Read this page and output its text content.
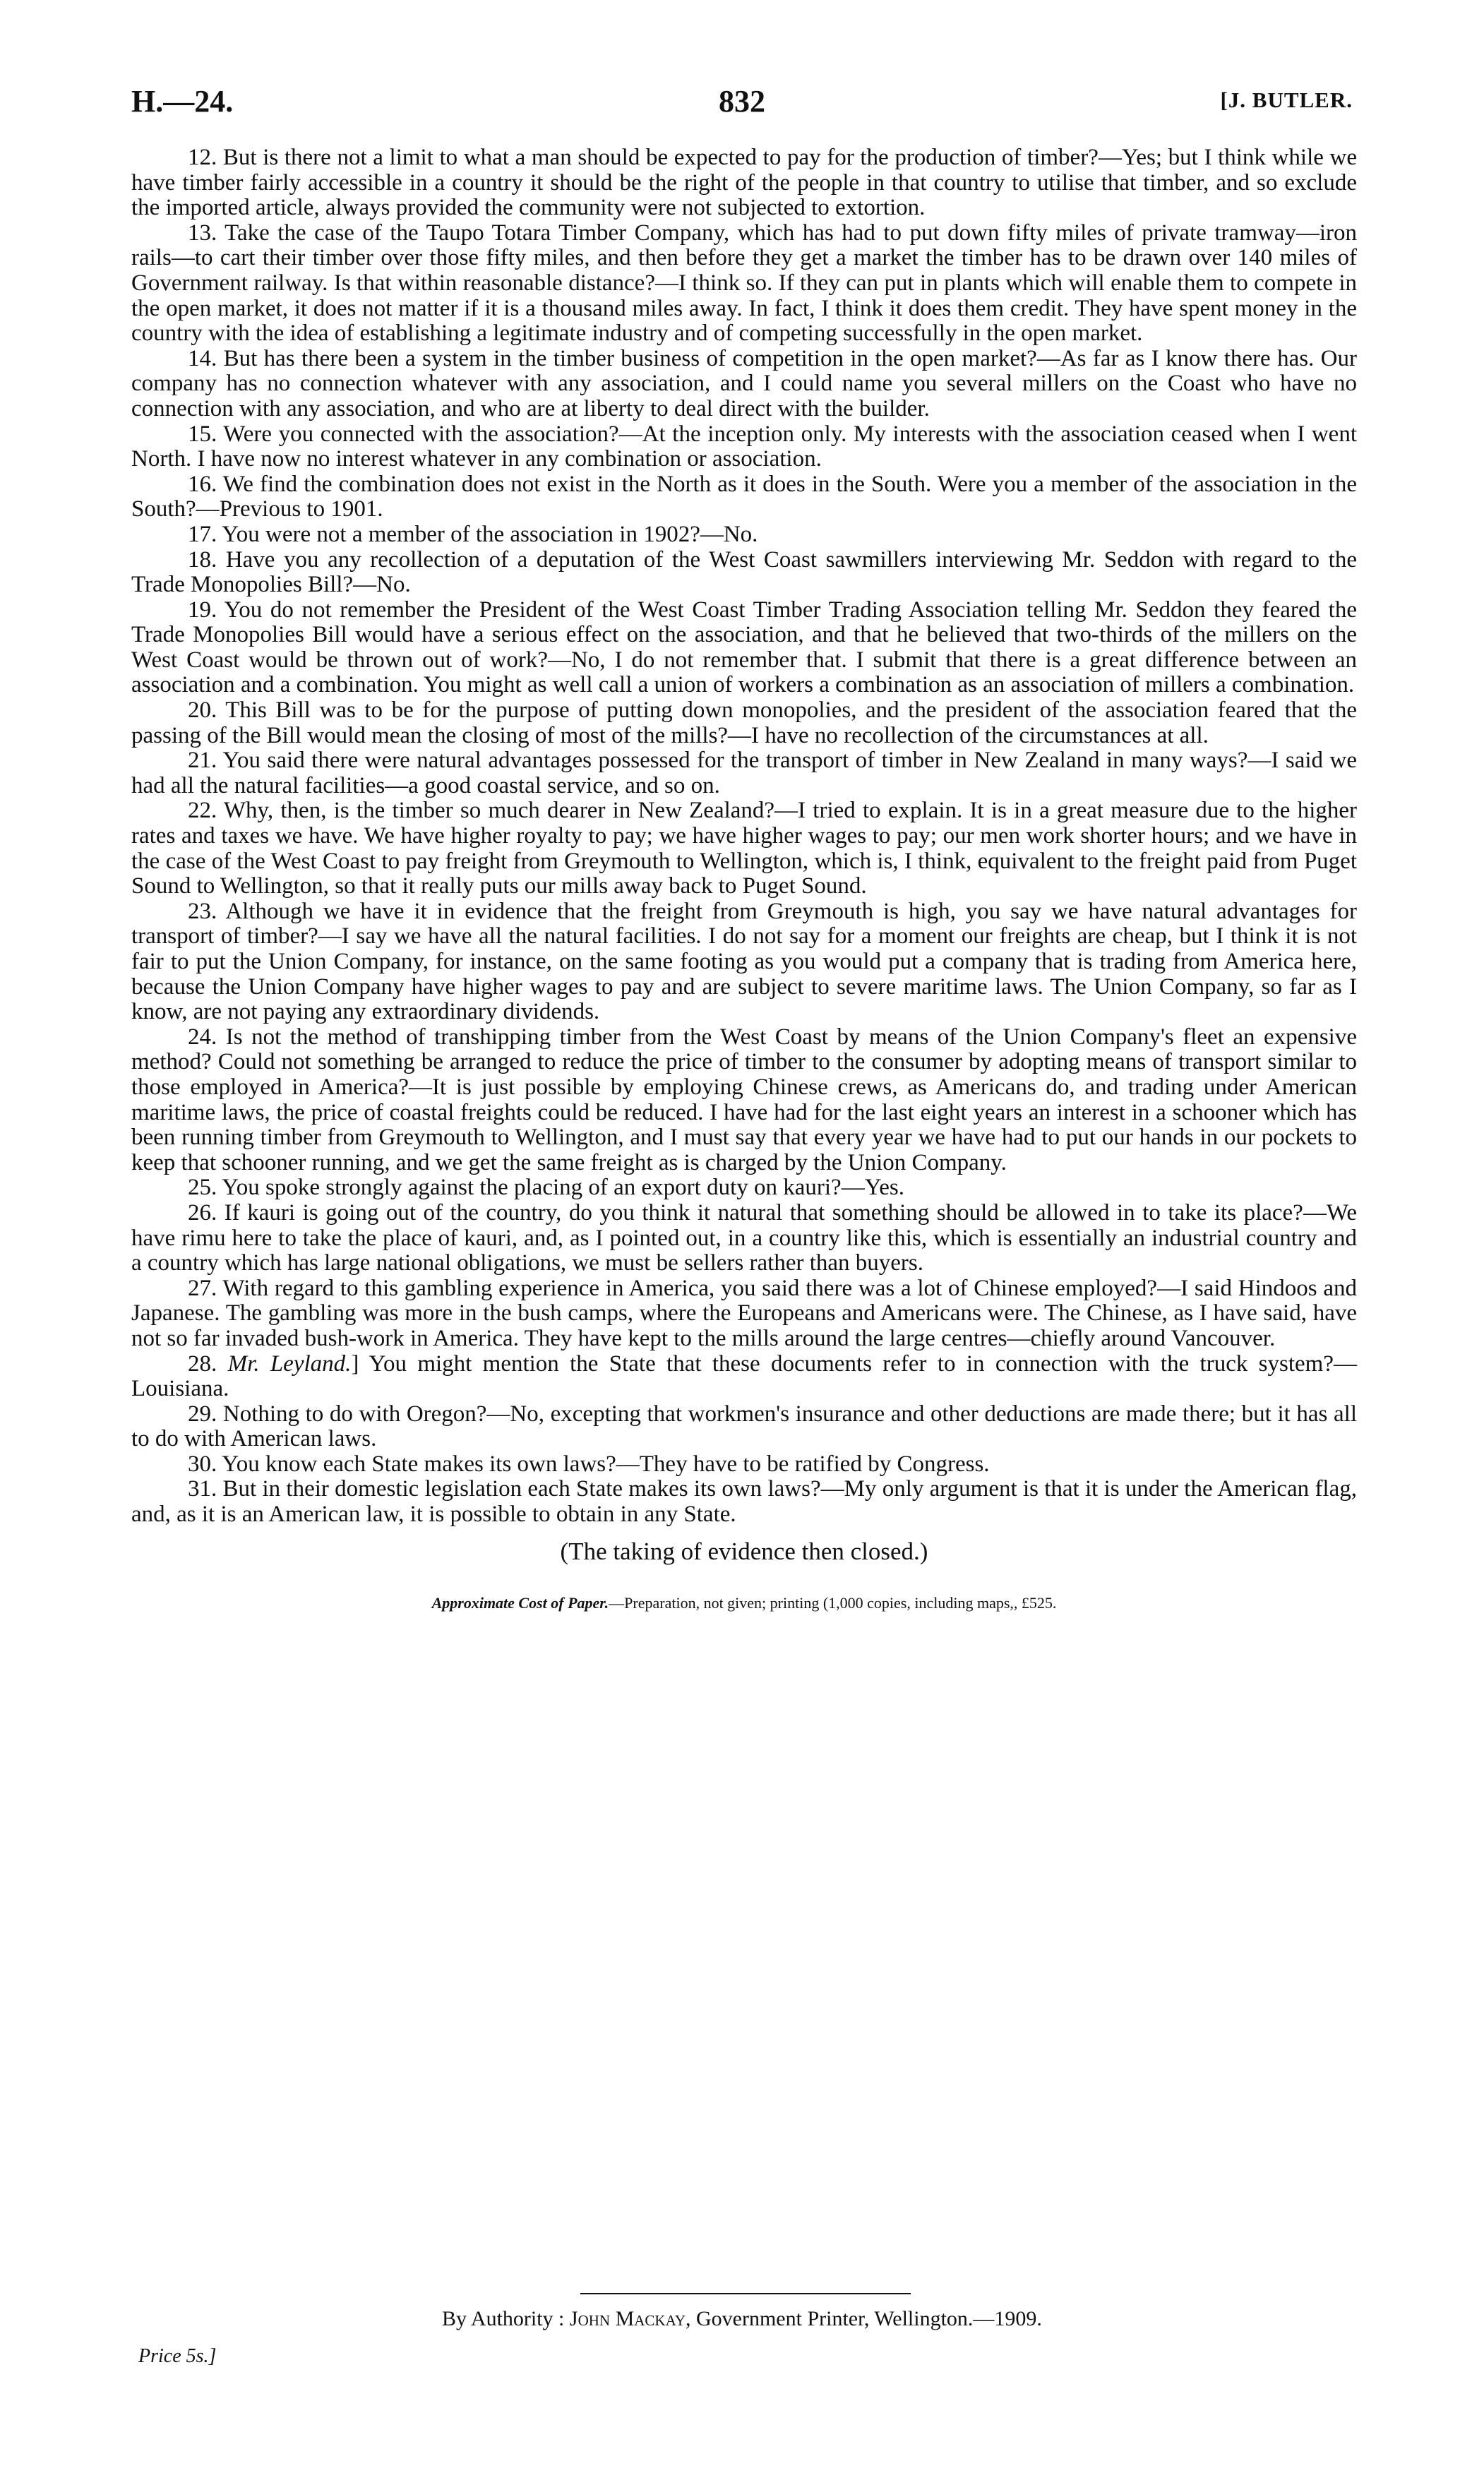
H.—24.	832	[J. BUTLER.

12. But is there not a limit to what a man should be expected to pay for the production of timber?—Yes; but I think while we have timber fairly accessible in a country it should be the right of the people in that country to utilise that timber, and so exclude the imported article, always provided the community were not subjected to extortion.

13. Take the case of the Taupo Totara Timber Company, which has had to put down fifty miles of private tramway—iron rails—to cart their timber over those fifty miles, and then before they get a market the timber has to be drawn over 140 miles of Government railway. Is that within reasonable distance?—I think so. If they can put in plants which will enable them to compete in the open market, it does not matter if it is a thousand miles away. In fact, I think it does them credit. They have spent money in the country with the idea of establishing a legitimate industry and of competing successfully in the open market.

14. But has there been a system in the timber business of competition in the open market?—As far as I know there has. Our company has no connection whatever with any association, and I could name you several millers on the Coast who have no connection with any association, and who are at liberty to deal direct with the builder.

15. Were you connected with the association?—At the inception only. My interests with the association ceased when I went North. I have now no interest whatever in any combination or association.

16. We find the combination does not exist in the North as it does in the South. Were you a member of the association in the South?—Previous to 1901.

17. You were not a member of the association in 1902?—No.

18. Have you any recollection of a deputation of the West Coast sawmillers interviewing Mr. Seddon with regard to the Trade Monopolies Bill?—No.

19. You do not remember the President of the West Coast Timber Trading Association telling Mr. Seddon they feared the Trade Monopolies Bill would have a serious effect on the association, and that he believed that two-thirds of the millers on the West Coast would be thrown out of work?—No, I do not remember that. I submit that there is a great difference between an association and a combination. You might as well call a union of workers a combination as an association of millers a combination.

20. This Bill was to be for the purpose of putting down monopolies, and the president of the association feared that the passing of the Bill would mean the closing of most of the mills?—I have no recollection of the circumstances at all.

21. You said there were natural advantages possessed for the transport of timber in New Zealand in many ways?—I said we had all the natural facilities—a good coastal service, and so on.

22. Why, then, is the timber so much dearer in New Zealand?—I tried to explain. It is in a great measure due to the higher rates and taxes we have. We have higher royalty to pay; we have higher wages to pay; our men work shorter hours; and we have in the case of the West Coast to pay freight from Greymouth to Wellington, which is, I think, equivalent to the freight paid from Puget Sound to Wellington, so that it really puts our mills away back to Puget Sound.

23. Although we have it in evidence that the freight from Greymouth is high, you say we have natural advantages for transport of timber?—I say we have all the natural facilities. I do not say for a moment our freights are cheap, but I think it is not fair to put the Union Company, for instance, on the same footing as you would put a company that is trading from America here, because the Union Company have higher wages to pay and are subject to severe maritime laws. The Union Company, so far as I know, are not paying any extraordinary dividends.

24. Is not the method of transhipping timber from the West Coast by means of the Union Company's fleet an expensive method? Could not something be arranged to reduce the price of timber to the consumer by adopting means of transport similar to those employed in America?—It is just possible by employing Chinese crews, as Americans do, and trading under American maritime laws, the price of coastal freights could be reduced. I have had for the last eight years an interest in a schooner which has been running timber from Greymouth to Wellington, and I must say that every year we have had to put our hands in our pockets to keep that schooner running, and we get the same freight as is charged by the Union Company.

25. You spoke strongly against the placing of an export duty on kauri?—Yes.

26. If kauri is going out of the country, do you think it natural that something should be allowed in to take its place?—We have rimu here to take the place of kauri, and, as I pointed out, in a country like this, which is essentially an industrial country and a country which has large national obligations, we must be sellers rather than buyers.

27. With regard to this gambling experience in America, you said there was a lot of Chinese employed?—I said Hindoos and Japanese. The gambling was more in the bush camps, where the Europeans and Americans were. The Chinese, as I have said, have not so far invaded bush-work in America. They have kept to the mills around the large centres—chiefly around Vancouver.

28. Mr. Leyland.] You might mention the State that these documents refer to in connection with the truck system?—Louisiana.

29. Nothing to do with Oregon?—No, excepting that workmen's insurance and other deductions are made there; but it has all to do with American laws.

30. You know each State makes its own laws?—They have to be ratified by Congress.

31. But in their domestic legislation each State makes its own laws?—My only argument is that it is under the American flag, and, as it is an American law, it is possible to obtain in any State.

(The taking of evidence then closed.)

Approximate Cost of Paper.—Preparation, not given; printing (1,000 copies, including maps,, £525.

By Authority : John Mackay, Government Printer, Wellington.—1909.
Price 5s.]
